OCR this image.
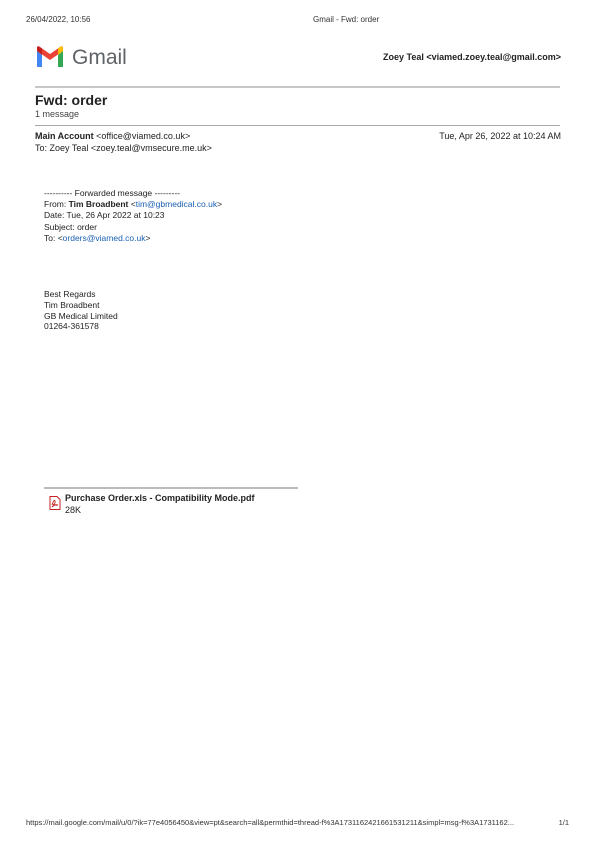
26/04/2022, 10:56	Gmail - Fwd: order
Gmail	Zoey Teal <viamed.zoey.teal@gmail.com>
Fwd: order
1 message
Main Account <office@viamed.co.uk>	Tue, Apr 26, 2022 at 10:24 AM
To: Zoey Teal <zoey.teal@vmsecure.me.uk>
---------- Forwarded message ---------
From: Tim Broadbent <tim@gbmedical.co.uk>
Date: Tue, 26 Apr 2022 at 10:23
Subject: order
To: <orders@viamed.co.uk>
Best Regards
Tim Broadbent
GB Medical Limited
01264-361578
Purchase Order.xls - Compatibility Mode.pdf
28K
https://mail.google.com/mail/u/0/?ik=77e4056450&view=pt&search=all&permthid=thread-f%3A1731162421661531211&simpl=msg-f%3A1731162...	1/1
